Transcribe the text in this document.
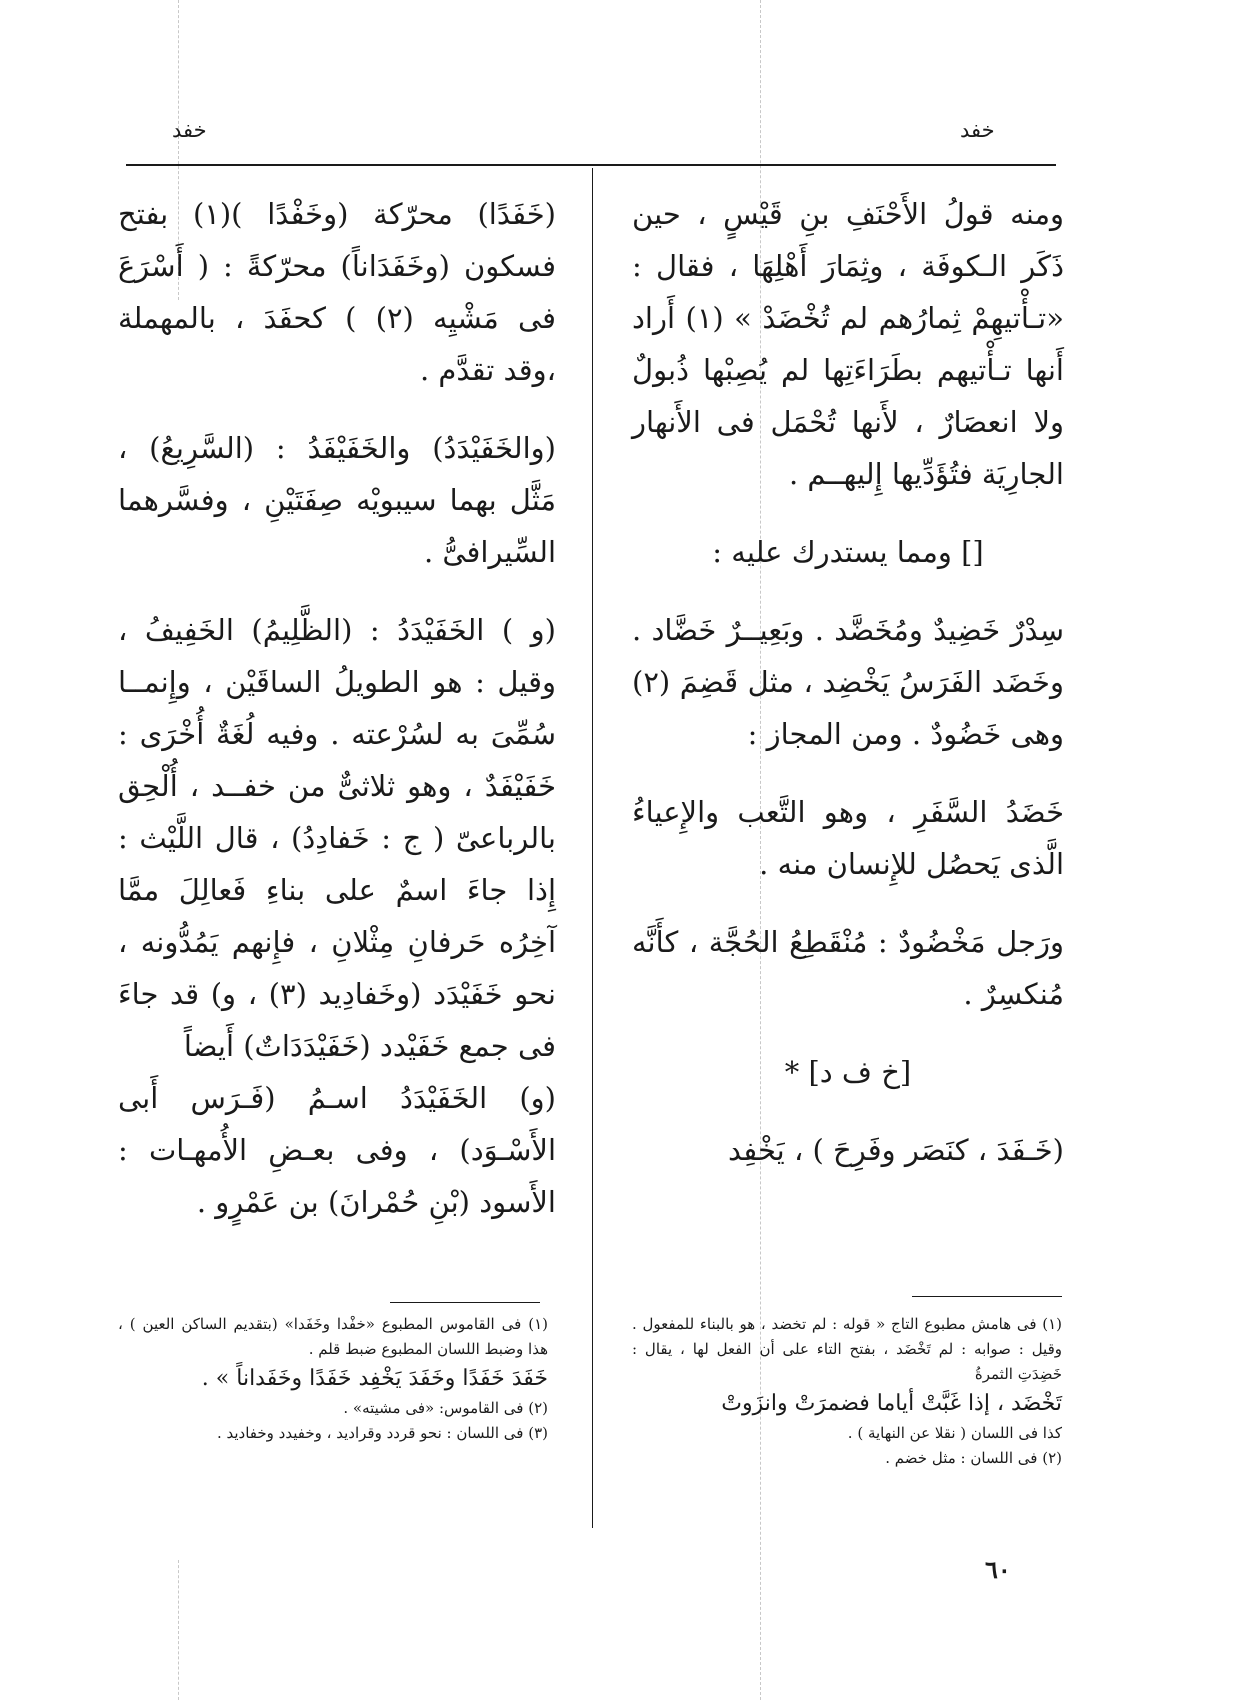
خفد
خفد

ومنه قولُ الأَحْنَفِ بنِ قَيْسٍ ، حين ذَكَر الـكوفَة ، وثِمَارَ أَهْلِهَا ، فقال : «تـأْتيهِمْ ثِمارُهم لم تُخْضَدْ » (١) أَراد أَنها تـأْتيهم بطَرَاءَتِها لم يُصِبْها ذُبولٌ ولا انعصَارٌ ، لأَنها تُحْمَل فى الأَنهار الجارِيَة فتُؤَدِّيها إِليهــم .

[] ومما يستدرك عليه :

سِدْرٌ خَضِيدٌ ومُخَضَّد . وبَعِيــرٌ خَضَّاد . وخَضَد الفَرَسُ يَخْضِد ، مثل قَضِمَ (٢) وهى خَضُودٌ . ومن المجاز :

خَضَدُ السَّفَرِ ، وهو التَّعب والإِعياءُ الَّذى يَحصُل للإِنسان منه .

ورَجل مَخْضُودٌ : مُنْقَطِعُ الحُجَّة ، كأَنَّه مُنكسِرٌ .

[خ ف د] *

(خَـفَدَ ، كنَصَر وفَرِحَ ) ، يَخْفِد

(خَفَدًا) محرّكة (وخَفْدًا )(١) بفتح فسكون (وخَفَدَاناً) محرّكةً : ( أَسْرَعَ فى مَشْيِه (٢) ) كحفَدَ ، بالمهملة ،وقد تقدَّم .

(والخَفَيْدَدُ) والخَفَيْفَدُ : (السَّرِيعُ) ، مَثَّل بهما سيبويْه صِفَتَيْنِ ، وفسَّرهما السِّيرافىُّ .

(و ) الخَفَيْدَدُ : (الظَّلِيمُ) الخَفِيفُ ، وقيل : هو الطويلُ الساقَيْن ، وإِنمــا سُمِّىَ به لسُرْعته . وفيه لُغَةٌ أُخْرَى : خَفَيْفَدٌ ، وهو ثلاثىٌّ من خفــد ، أُلْحِق بالرباعىّ ( ج : خَفادِدُ) ، قال اللَّيْث : إِذا جاءَ اسمٌ على بناءِ فَعالِلَ ممَّا آخِرُه حَرفانِ مِثْلانِ ، فإِنهم يَمُدُّونه ، نحو خَفَيْدَد (وخَفادِيد (٣) ، و) قد جاءَ فى جمع خَفَيْدد (خَفَيْدَدَاتٌ) أَيضاً

(و) الخَفَيْدَدُ اسـمُ (فَـرَس أَبى الأَسْـوَد) ، وفى بعـضِ الأُمهـات : الأَسود (بْنِ حُمْرانَ) بن عَمْرٍو .

(١) فى هامش مطبوع التاج « قوله : لم تخضد ، هو بالبناء للمفعول . وقيل : صوابه : لم تَخْضَد ، بفتح التاء على أن الفعل لها ، يقال : خَضِدَتِ الثمرةُ

تَخْضَد ، إذا غَبَّتْ أياما فضمرَتْ وانزَوتْ

كذا فى اللسان ( نقلا عن النهاية ) .

(٢) فى اللسان : مثل خضم .

(١) فى القاموس المطبوع «خفْدا وخَفَدا» (بتقديم الساكن العين ) ، هذا وضبط اللسان المطبوع ضبط قلم .

خَفَدَ خَفَدًا وخَفَدَ يَخْفِد خَفَدًا وخَفَداناً » .

(٢) فى القاموس: «فى مشيته» .

(٣) فى اللسان : نحو قردد وقراديد ، وخفيدد وخفاديد .

٦٠
